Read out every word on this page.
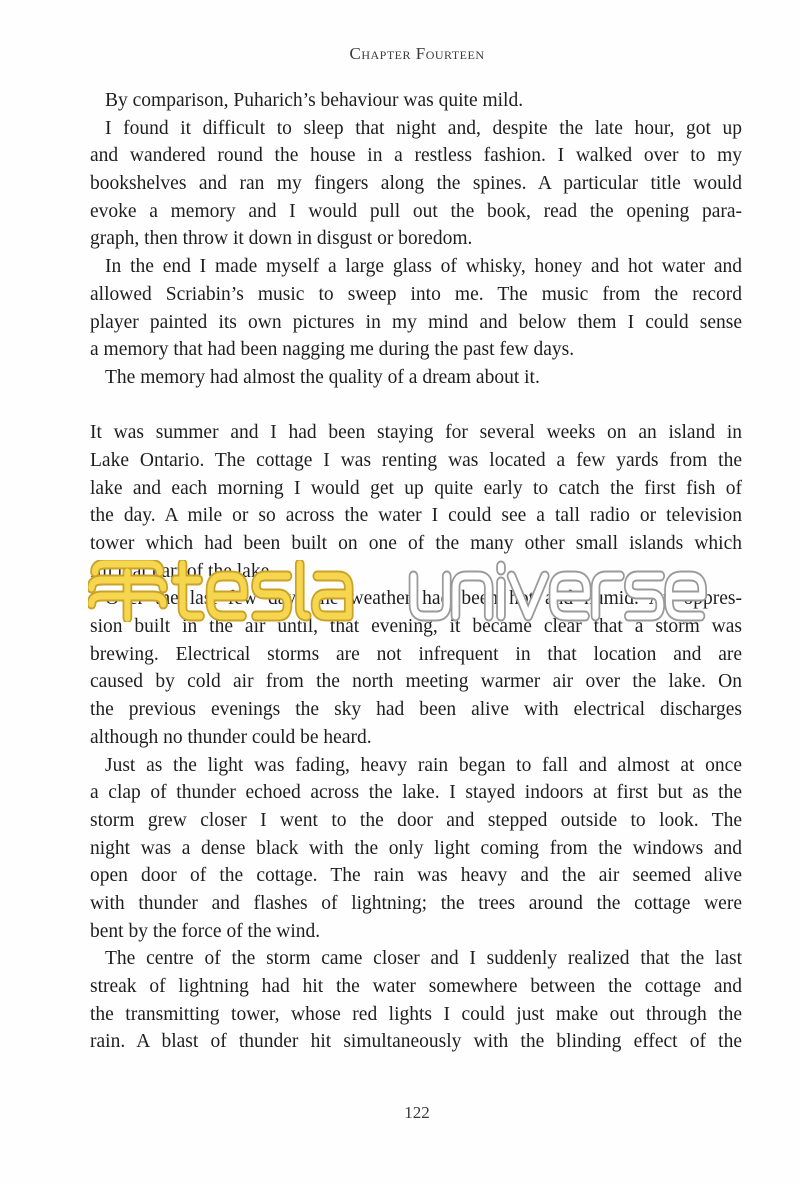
Chapter Fourteen
By comparison, Puharich’s behaviour was quite mild.
I found it difficult to sleep that night and, despite the late hour, got up
and wandered round the house in a restless fashion. I walked over to my
bookshelves and ran my fingers along the spines. A particular title would
evoke a memory and I would pull out the book, read the opening para-
graph, then throw it down in disgust or boredom.
In the end I made myself a large glass of whisky, honey and hot water and
allowed Scriabin’s music to sweep into me. The music from the record
player painted its own pictures in my mind and below them I could sense
a memory that had been nagging me during the past few days.
The memory had almost the quality of a dream about it.
It was summer and I had been staying for several weeks on an island in
Lake Ontario. The cottage I was renting was located a few yards from the
lake and each morning I would get up quite early to catch the first fish of
the day. A mile or so across the water I could see a tall radio or television
tower which had been built on one of the many other small islands which
fill that part of the lake.
Over the last few days the weather had been hot and humid. An oppres-
sion built in the air until, that evening, it became clear that a storm was
brewing. Electrical storms are not infrequent in that location and are
caused by cold air from the north meeting warmer air over the lake. On
the previous evenings the sky had been alive with electrical discharges
although no thunder could be heard.
Just as the light was fading, heavy rain began to fall and almost at once
a clap of thunder echoed across the lake. I stayed indoors at first but as the
storm grew closer I went to the door and stepped outside to look. The
night was a dense black with the only light coming from the windows and
open door of the cottage. The rain was heavy and the air seemed alive
with thunder and flashes of lightning; the trees around the cottage were
bent by the force of the wind.
The centre of the storm came closer and I suddenly realized that the last
streak of lightning had hit the water somewhere between the cottage and
the transmitting tower, whose red lights I could just make out through the
rain. A blast of thunder hit simultaneously with the blinding effect of the
122
